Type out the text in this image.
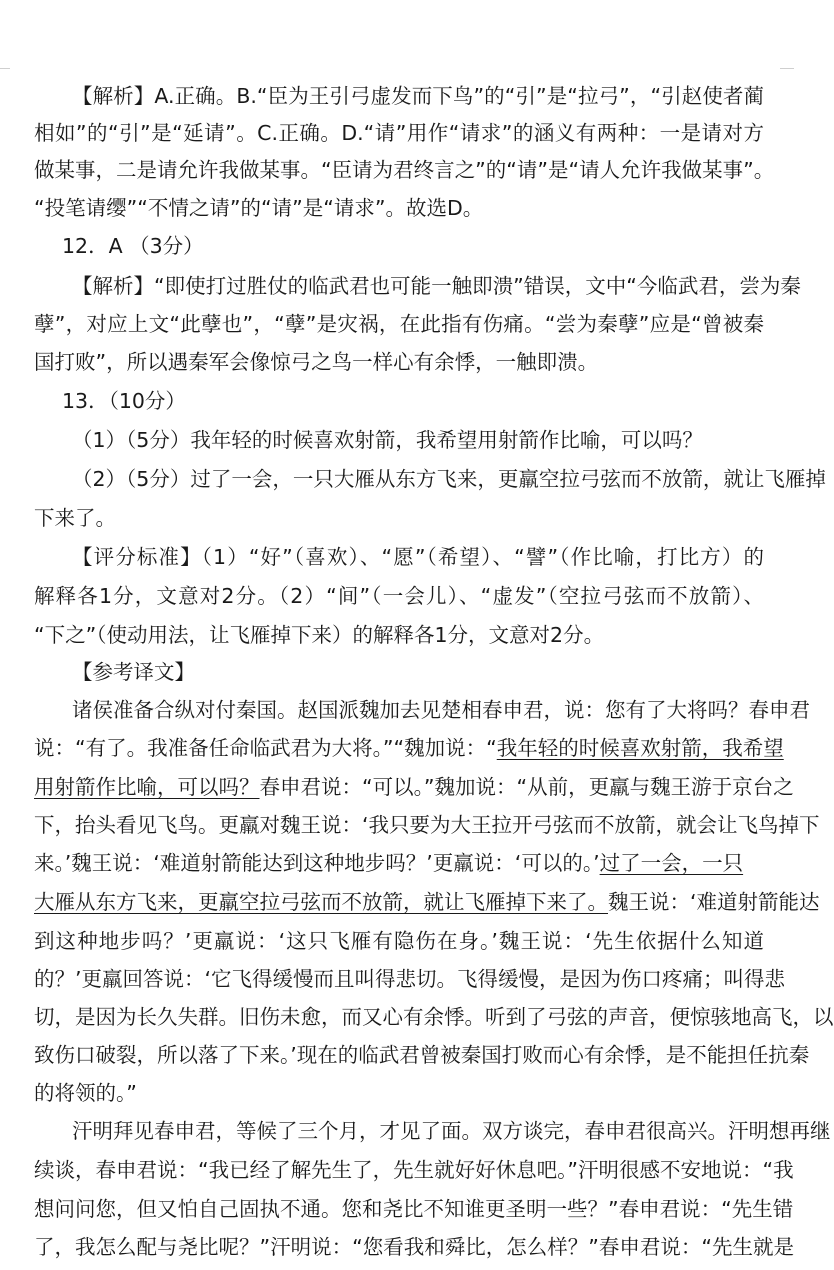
【解析】A.正确。B.“臣为王引弓虚发而下鸟”的“引”是“拉弓”，“引赵使者蔺
相如”的“引”是“延请”。C.正确。D.“请”用作“请求”的涵义有两种：一是请对方
做某事，二是请允许我做某事。“臣请为君终言之”的“请”是“请人允许我做某事”。
“投笔请缨”“不情之请”的“请”是“请求”。故选D。
12．A （3分）
【解析】“即使打过胜仗的临武君也可能一触即溃”错误，文中“今临武君，尝为秦
孽”，对应上文“此孽也”，“孽”是灾祸，在此指有伤痛。“尝为秦孽”应是“曾被秦
国打败”，所以遇秦军会像惊弓之鸟一样心有余悸，一触即溃。
13．（10分）
（1）（5分）我年轻的时候喜欢射箭，我希望用射箭作比喻，可以吗？
（2）（5分）过了一会，一只大雁从东方飞来，更羸空拉弓弦而不放箭，就让飞雁掉
下来了。
【评分标准】（1）“好”（喜欢）、“愿”（希望）、“譬”（作比喻，打比方）的
解释各1分，文意对2分。（2）“间”（一会儿）、“虚发”（空拉弓弦而不放箭）、
“下之”（使动用法，让飞雁掉下来）的解释各1分，文意对2分。
【参考译文】
诸侯准备合纵对付秦国。赵国派魏加去见楚相春申君，说：您有了大将吗？春申君
说：“有了。我准备任命临武君为大将。”“魏加说：“我年轻的时候喜欢射箭，我希望
用射箭作比喻，可以吗？春申君说：“可以。”魏加说：“从前，更羸与魏王游于京台之
下，抬头看见飞鸟。更羸对魏王说：‘我只要为大王拉开弓弦而不放箭，就会让飞鸟掉下
来。’魏王说：‘难道射箭能达到这种地步吗？’更羸说：‘可以的。’过了一会，一只
大雁从东方飞来，更羸空拉弓弦而不放箭，就让飞雁掉下来了。魏王说：‘难道射箭能达
到这种地步吗？’更羸说：‘这只飞雁有隐伤在身。’魏王说：‘先生依据什么知道
的？’更羸回答说：‘它飞得缓慢而且叫得悲切。飞得缓慢，是因为伤口疼痛；叫得悲
切，是因为长久失群。旧伤未愈，而又心有余悸。听到了弓弦的声音，便惊骇地高飞，以
致伤口破裂，所以落了下来。’现在的临武君曾被秦国打败而心有余悸，是不能担任抗秦
的将领的。”
汗明拜见春申君，等候了三个月，才见了面。双方谈完，春申君很高兴。汗明想再继
续谈，春申君说：“我已经了解先生了，先生就好好休息吧。”汗明很感不安地说：“我
想问问您，但又怕自己固执不通。您和尧比不知谁更圣明一些？”春申君说：“先生错
了，我怎么配与尧比呢？”汗明说：“您看我和舜比，怎么样？”春申君说：“先生就是
